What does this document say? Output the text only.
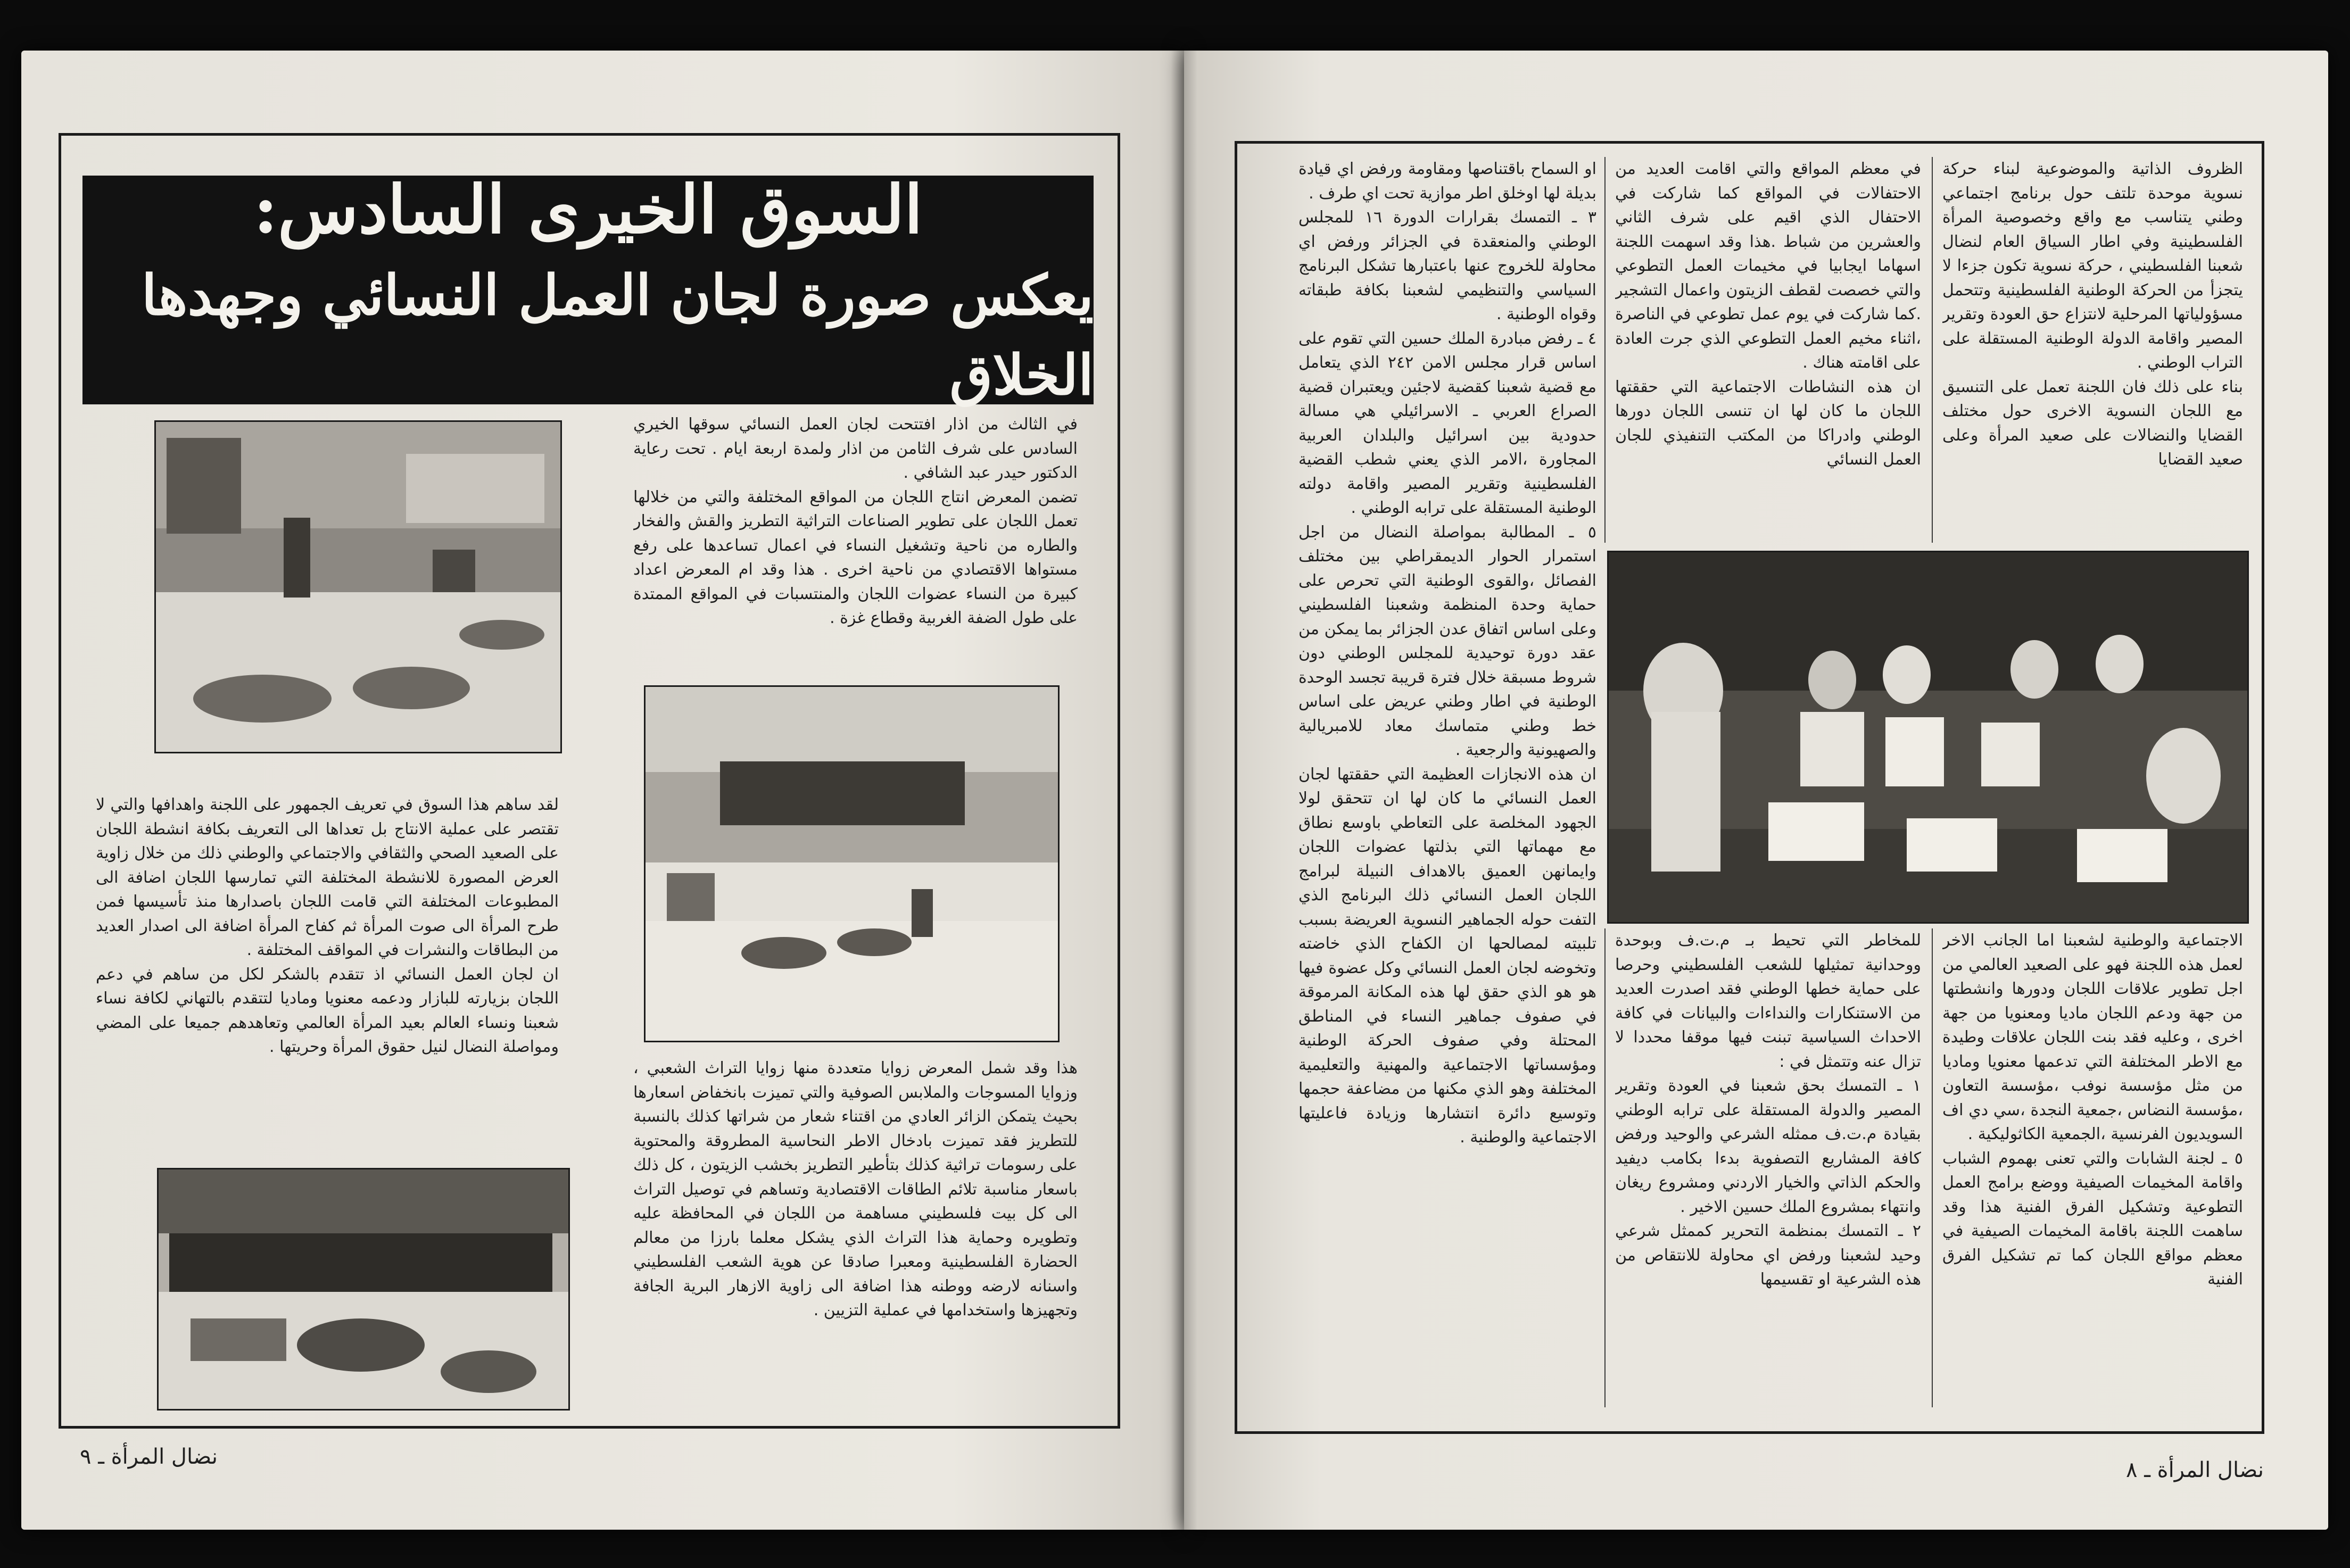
السوق الخيرى السادس:
يعكس صورة لجان العمل النسائي وجهدها الخلاق
في الثالث من اذار افتتحت لجان العمل النسائي سوقها الخيري السادس على شرف الثامن من اذار ولمدة اربعة ايام . تحت رعاية الدكتور حيدر عبد الشافي .
تضمن المعرض انتاج اللجان من المواقع المختلفة والتي من خلالها تعمل اللجان على تطوير الصناعات التراثية التطريز والقش والفخار والطاره من ناحية وتشغيل النساء في اعمال تساعدها على رفع مستواها الاقتصادي من ناحية اخرى . هذا وقد ام المعرض اعداد كبيرة من النساء عضوات اللجان والمنتسبات في المواقع الممتدة على طول الضفة الغربية وقطاع غزة .
لقد ساهم هذا السوق في تعريف الجمهور على اللجنة واهدافها والتي لا تقتصر على عملية الانتاج بل تعداها الى التعريف بكافة انشطة اللجان على الصعيد الصحي والثقافي والاجتماعي والوطني ذلك من خلال زاوية العرض المصورة للانشطة المختلفة التي تمارسها اللجان اضافة الى المطبوعات المختلفة التي قامت اللجان باصدارها منذ تأسيسها فمن طرح المرأة الى صوت المرأة ثم كفاح المرأة اضافة الى اصدار العديد من البطاقات والنشرات في المواقف المختلفة .
ان لجان العمل النسائي اذ تتقدم بالشكر لكل من ساهم في دعم اللجان بزيارته للبازار ودعمه معنويا وماديا لتتقدم بالتهاني لكافة نساء شعبنا ونساء العالم بعيد المرأة العالمي وتعاهدهم جميعا على المضي ومواصلة النضال لنيل حقوق المرأة وحريتها .
هذا وقد شمل المعرض زوايا متعددة منها زوايا التراث الشعبي ، وزوايا المسوجات والملابس الصوفية والتي تميزت بانخفاض اسعارها بحيث يتمكن الزائر العادي من اقتناء شعار من شراتها كذلك بالنسبة للتطريز فقد تميزت بادخال الاطر النحاسية المطروقة والمحتوية على رسومات تراثية كذلك بتأطير التطريز بخشب الزيتون ، كل ذلك باسعار مناسبة تلائم الطاقات الاقتصادية وتساهم في توصيل التراث الى كل بيت فلسطيني مساهمة من اللجان في المحافظة عليه وتطويره وحماية هذا التراث الذي يشكل معلما بارزا من معالم الحضارة الفلسطينية ومعبرا صادقا عن هوية الشعب الفلسطيني واسنانه لارضه ووطنه هذا اضافة الى زاوية الازهار البرية الجافة وتجهيزها واستخدامها في عملية التزيين .
نضال المرأة ـ ٩
الظروف الذاتية والموضوعية لبناء حركة نسوية موحدة تلتف حول برنامج اجتماعي وطني يتناسب مع واقع وخصوصية المرأة الفلسطينية وفي اطار السياق العام لنضال شعبنا الفلسطيني ، حركة نسوية تكون جزءا لا يتجزأ من الحركة الوطنية الفلسطينية وتتحمل مسؤولياتها المرحلية لانتزاع حق العودة وتقرير المصير واقامة الدولة الوطنية المستقلة على التراب الوطني .
بناء على ذلك فان اللجنة تعمل على التنسيق مع اللجان النسوية الاخرى حول مختلف القضايا والنضالات على صعيد المرأة وعلى صعيد القضايا
في معظم المواقع والتي اقامت العديد من الاحتفالات في المواقع كما شاركت في الاحتفال الذي اقيم على شرف الثاني والعشرين من شباط .هذا وقد اسهمت اللجنة اسهاما ايجابيا في مخيمات العمل التطوعي والتي خصصت لقطف الزيتون واعمال التشجير .كما شاركت في يوم عمل تطوعي في الناصرة ،اثناء مخيم العمل التطوعي الذي جرت العادة على اقامته هناك .
ان هذه النشاطات الاجتماعية التي حققتها اللجان ما كان لها ان تنسى اللجان دورها الوطني وادراكا من المكتب التنفيذي للجان العمل النسائي
او السماح باقتناصها ومقاومة ورفض اي قيادة بديلة لها اوخلق اطر موازية تحت اي طرف .
٣ ـ التمسك بقرارات الدورة ١٦ للمجلس الوطني والمنعقدة في الجزائر ورفض اي محاولة للخروج عنها باعتبارها تشكل البرنامج السياسي والتنظيمي لشعبنا بكافة طبقاته وقواه الوطنية .
٤ ـ رفض مبادرة الملك حسين التي تقوم على اساس قرار مجلس الامن ٢٤٢ الذي يتعامل مع قضية شعبنا كقضية لاجئين ويعتبران قضية الصراع العربي ـ الاسرائيلي هي مسالة حدودية بين اسرائيل والبلدان العربية المجاورة ،الامر الذي يعني شطب القضية الفلسطينية وتقرير المصير واقامة دولته الوطنية المستقلة على ترابه الوطني .
٥ ـ المطالبة بمواصلة النضال من اجل استمرار الحوار الديمقراطي بين مختلف الفصائل ،والقوى الوطنية التي تحرص على حماية وحدة المنظمة وشعبنا الفلسطيني وعلى اساس اتفاق عدن الجزائر بما يمكن من عقد دورة توحيدية للمجلس الوطني دون شروط مسبقة خلال فترة قريبة تجسد الوحدة الوطنية في اطار وطني عريض على اساس خط وطني متماسك معاد للامبريالية والصهيونية والرجعية .
ان هذه الانجازات العظيمة التي حققتها لجان العمل النسائي ما كان لها ان تتحقق لولا الجهود المخلصة على التعاطي باوسع نطاق مع مهماتها التي بذلتها عضوات اللجان وايمانهن العميق بالاهداف النبيلة لبرامج اللجان العمل النسائي ذلك البرنامج الذي التفت حوله الجماهير النسوية العريضة بسبب تلبيته لمصالحها ان الكفاح الذي خاضته وتخوضه لجان العمل النسائي وكل عضوة فيها هو هو الذي حقق لها هذه المكانة المرموقة في صفوف جماهير النساء في المناطق المحتلة وفي صفوف الحركة الوطنية ومؤسساتها الاجتماعية والمهنية والتعليمية المختلفة وهو الذي مكنها من مضاعفة حجمها وتوسيع دائرة انتشارها وزيادة فاعليتها الاجتماعية والوطنية .
الاجتماعية والوطنية لشعبنا اما الجانب الاخر لعمل هذه اللجنة فهو على الصعيد العالمي من اجل تطوير علاقات اللجان ودورها وانشطتها من جهة ودعم اللجان ماديا ومعنويا من جهة اخرى ، وعليه فقد بنت اللجان علاقات وطيدة مع الاطر المختلفة التي تدعمها معنويا وماديا من مثل مؤسسة نوفب ،مؤسسة التعاون ،مؤسسة النضاس ،جمعية النجدة ،سي دي اف السويديون الفرنسية ،الجمعية الكاثوليكية .
٥ ـ لجنة الشابات والتي تعنى بهموم الشباب واقامة المخيمات الصيفية ووضع برامج العمل التطوعية وتشكيل الفرق الفنية هذا وقد ساهمت اللجنة باقامة المخيمات الصيفية في معظم مواقع اللجان كما تم تشكيل الفرق الفنية
للمخاطر التي تحيط بـ م.ت.ف وبوحدة ووحدانية تمثيلها للشعب الفلسطيني وحرصا على حماية خطها الوطني فقد اصدرت العديد من الاستنكارات والنداءات والبيانات في كافة الاحداث السياسية تبنت فيها موقفا محددا لا تزال عنه وتتمثل في :
١ ـ التمسك بحق شعبنا في العودة وتقرير المصير والدولة المستقلة على ترابه الوطني بقيادة م.ت.ف ممثله الشرعي والوحيد ورفض كافة المشاريع التصفوية بدءا بكامب ديفيد والحكم الذاتي والخيار الاردني ومشروع ريغان وانتهاء بمشروع الملك حسين الاخير .
٢ ـ التمسك بمنظمة التحرير كممثل شرعي وحيد لشعبنا ورفض اي محاولة للانتقاص من هذه الشرعية او تقسيمها
نضال المرأة ـ ٨
